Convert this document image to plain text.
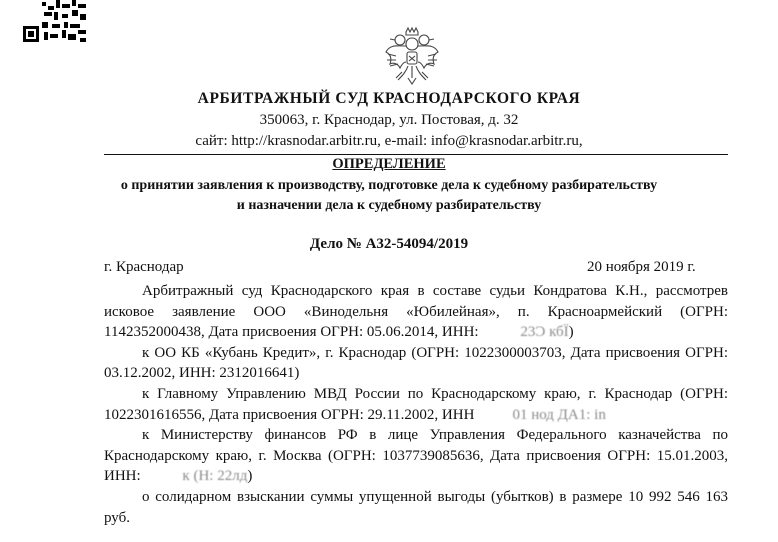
АРБИТРАЖНЫЙ СУД КРАСНОДАРСКОГО КРАЯ
350063, г. Краснодар, ул. Постовая, д. 32
сайт: http://krasnodar.arbitr.ru, e-mail: info@krasnodar.arbitr.ru,
ОПРЕДЕЛЕНИЕ
о принятии заявления к производству, подготовке дела к судебному разбирательству
и назначении дела к судебному разбирательству
Дело № А32-54094/2019
г. Краснодар	20 ноября 2019 г.

Арбитражный суд Краснодарского края в составе судьи Кондратова К.Н., рассмотрев исковое заявление ООО «Винодельня «Юбилейная», п. Красноармейский (ОГРН: 1142352000438, Дата присвоения ОГРН: 05.06.2014, ИНН:	23Ͻ кбЇ)

к ОО КБ «Кубань Кредит», г. Краснодар (ОГРН: 1022300003703, Дата присвоения ОГРН: 03.12.2002, ИНН: 2312016641)

к Главному Управлению МВД России по Краснодарскому краю, г. Краснодар (ОГРН: 1022301616556, Дата присвоения ОГРН: 29.11.2002, ИНН	01 нод ДА1: in

к Министерству финансов РФ в лице Управления Федерального казначейства по Краснодарскому краю, г. Москва (ОГРН: 1037739085636, Дата присвоения ОГРН: 15.01.2003, ИНН:	к (Н: 22лд)

о солидарном взыскании суммы упущенной выгоды (убытков) в размере 10 992 546 163 руб.
